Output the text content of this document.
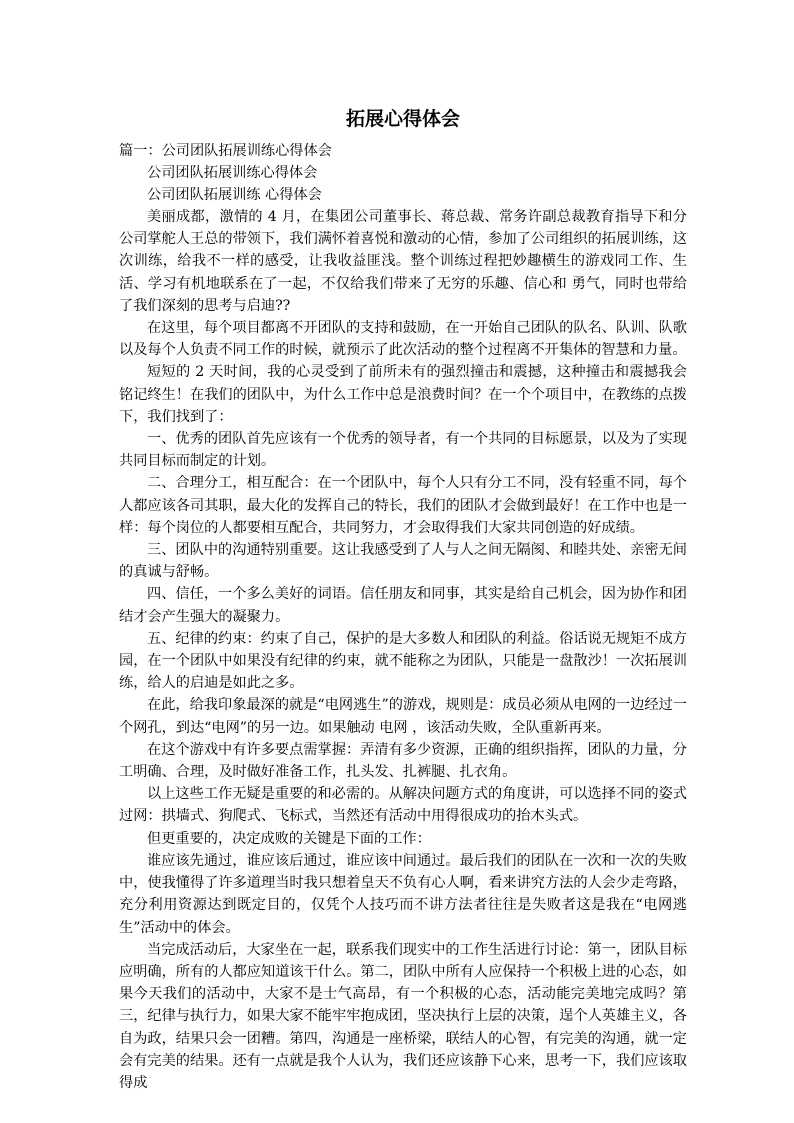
拓展心得体会

篇一：公司团队拓展训练心得体会

公司团队拓展训练心得体会

公司团队拓展训练 心得体会

美丽成都，激情的 4 月，在集团公司董事长、蒋总裁、常务许副总裁教育指导下和分公司掌舵人王总的带领下，我们满怀着喜悦和激动的心情，参加了公司组织的拓展训练，这次训练，给我不一样的感受，让我收益匪浅。整个训练过程把妙趣横生的游戏同工作、生活、学习有机地联系在了一起，不仅给我们带来了无穷的乐趣、信心和 勇气，同时也带给了我们深刻的思考与启迪??

在这里，每个项目都离不开团队的支持和鼓励，在一开始自己团队的队名、队训、队歌以及每个人负责不同工作的时候，就预示了此次活动的整个过程离不开集体的智慧和力量。

短短的 2 天时间，我的心灵受到了前所未有的强烈撞击和震撼，这种撞击和震撼我会铭记终生！在我们的团队中，为什么工作中总是浪费时间？在一个个项目中，在教练的点拨下，我们找到了：

一、优秀的团队首先应该有一个优秀的领导者，有一个共同的目标愿景，以及为了实现共同目标而制定的计划。

二、合理分工，相互配合：在一个团队中，每个人只有分工不同，没有轻重不同，每个人都应该各司其职，最大化的发挥自己的特长，我们的团队才会做到最好！在工作中也是一样：每个岗位的人都要相互配合，共同努力，才会取得我们大家共同创造的好成绩。

三、团队中的沟通特别重要。这让我感受到了人与人之间无隔阂、和睦共处、亲密无间的真诚与舒畅。

四、信任，一个多么美好的词语。信任朋友和同事，其实是给自己机会，因为协作和团结才会产生强大的凝聚力。

五、纪律的约束：约束了自己，保护的是大多数人和团队的利益。俗话说无规矩不成方园，在一个团队中如果没有纪律的约束，就不能称之为团队，只能是一盘散沙！一次拓展训练，给人的启迪是如此之多。

在此，给我印象最深的就是“电网逃生”的游戏，规则是：成员必须从电网的一边经过一个网孔，到达“电网”的另一边。如果触动 电网 ，该活动失败，全队重新再来。

在这个游戏中有许多要点需掌握：弄清有多少资源，正确的组织指挥，团队的力量，分工明确、合理，及时做好准备工作，扎头发、扎裤腿、扎衣角。

以上这些工作无疑是重要的和必需的。从解决问题方式的角度讲，可以选择不同的姿式过网：拱墙式、狗爬式、飞标式，当然还有活动中用得很成功的抬木头式。

但更重要的，决定成败的关键是下面的工作：

谁应该先通过，谁应该后通过，谁应该中间通过。最后我们的团队在一次和一次的失败中，使我懂得了许多道理当时我只想着皇天不负有心人啊，看来讲究方法的人会少走弯路，充分利用资源达到既定目的，仅凭个人技巧而不讲方法者往往是失败者这是我在“电网逃生”活动中的体会。

当完成活动后，大家坐在一起，联系我们现实中的工作生活进行讨论：第一，团队目标应明确，所有的人都应知道该干什么。第二，团队中所有人应保持一个积极上进的心态，如果今天我们的活动中，大家不是士气高昂，有一个积极的心态，活动能完美地完成吗？第三，纪律与执行力，如果大家不能牢牢抱成团，坚决执行上层的决策，逞个人英雄主义，各自为政，结果只会一团糟。第四，沟通是一座桥梁，联结人的心智，有完美的沟通，就一定会有完美的结果。还有一点就是我个人认为，我们还应该静下心来，思考一下，我们应该取得成
